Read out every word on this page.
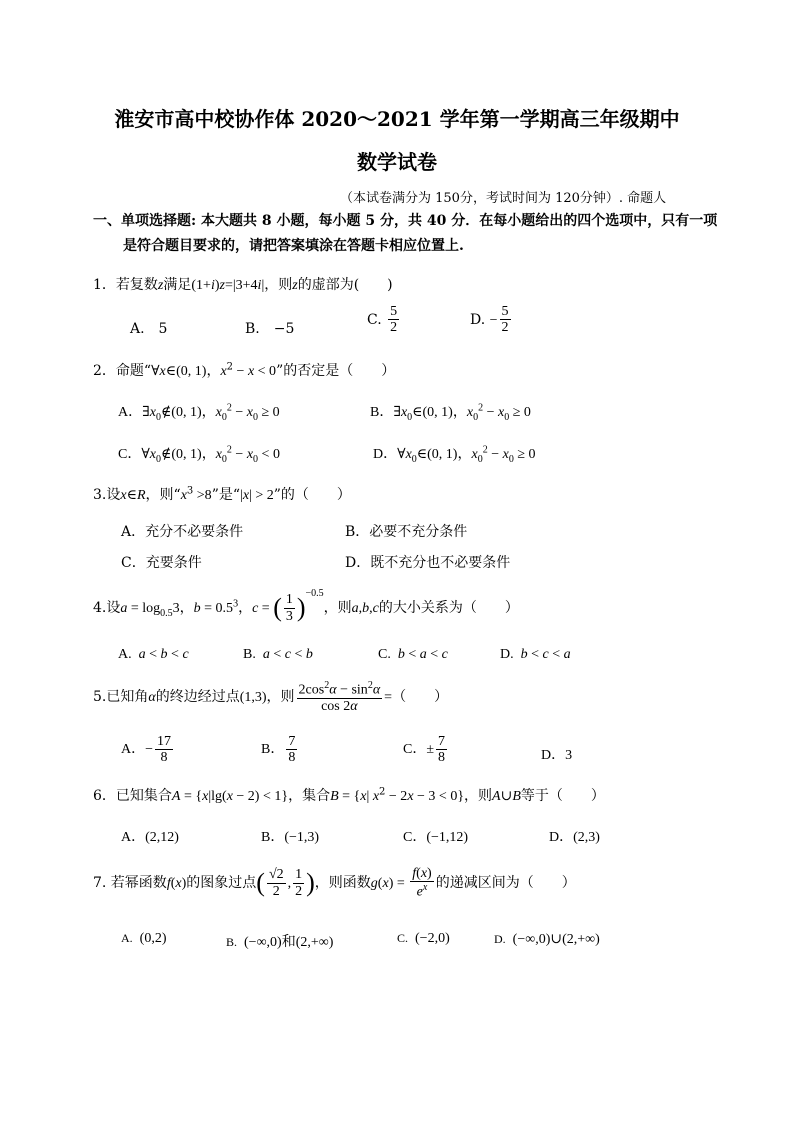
淮安市高中校协作体 2020～2021 学年第一学期高三年级期中
数学试卷
（本试卷满分为 150分，考试时间为 120分钟）. 命题人
一、单项选择题: 本大题共 8 小题，每小题 5 分，共 40 分．在每小题给出的四个选项中，只有一项
是符合题目要求的，请把答案填涂在答题卡相应位置上.
1．若复数z满足(1+i)z=|3+4i|，则z的虚部为(　　)
A.　5	B.　−5
C. $\frac{5}{2}$	D. − $\frac{5}{2}$
2．命题“∀x∈(0, 1)，$x^2 - x < 0$”的否定是（　　）
A．$\exists x_0\notin(0$, 1)，$x_0^2 - x_0 \ge 0$	B．$\exists x_0\in(0$, 1)，$x_0^2 - x_0 \ge 0$
C．$\forall x_0\notin(0$, 1)，$x_0^2 - x_0 < 0$	D．$\forall x_0\in(0$, 1)，$x_0^2 - x_0 \ge 0$
3.设x∈R，则“$x^3 >8$”是“|x| > 2”的（　　）
A．充分不必要条件	B．必要不充分条件
C．充要条件	D．既不充分也不必要条件
4.设$a = \log_{0.5}3$，$b = 0.5^3$，c = ( $\frac{1}{3} )^{-0.5}$，则a,b,c的大小关系为（　　）
A.  a < b < c	B.  a < c < b	C.  b < a < c	D.  b < c < a
5.已知角α的终边经过点(1,3)，则 $\frac{2\cos^2\alpha - \sin^2\alpha}{\cos 2\alpha}$ =（　　）
A．− $\frac{17}{8}$	B． $\frac{7}{8}$	C．± $\frac{7}{8}$	D．3
6．已知集合A = {x|lg(x − 2) < 1}，集合B = {x| $x^2 - 2x - 3 < 0$}，则A∪B等于（　　）
A．(2,12)	B．(−1,3)	C．(−1,12)	D．(2,3)
7. 若幂函数f(x)的图象过点( $\frac{√2}{2}$ , $\frac{1}{2}$ )，则函数$g(x) = \frac{f(x)}{e^x}$ 的递减区间为（　　）
A.  (0,2)	B.  (−∞,0)和(2,+∞)	C.  (−2,0)	D.  (−∞,0)∪(2,+∞)
